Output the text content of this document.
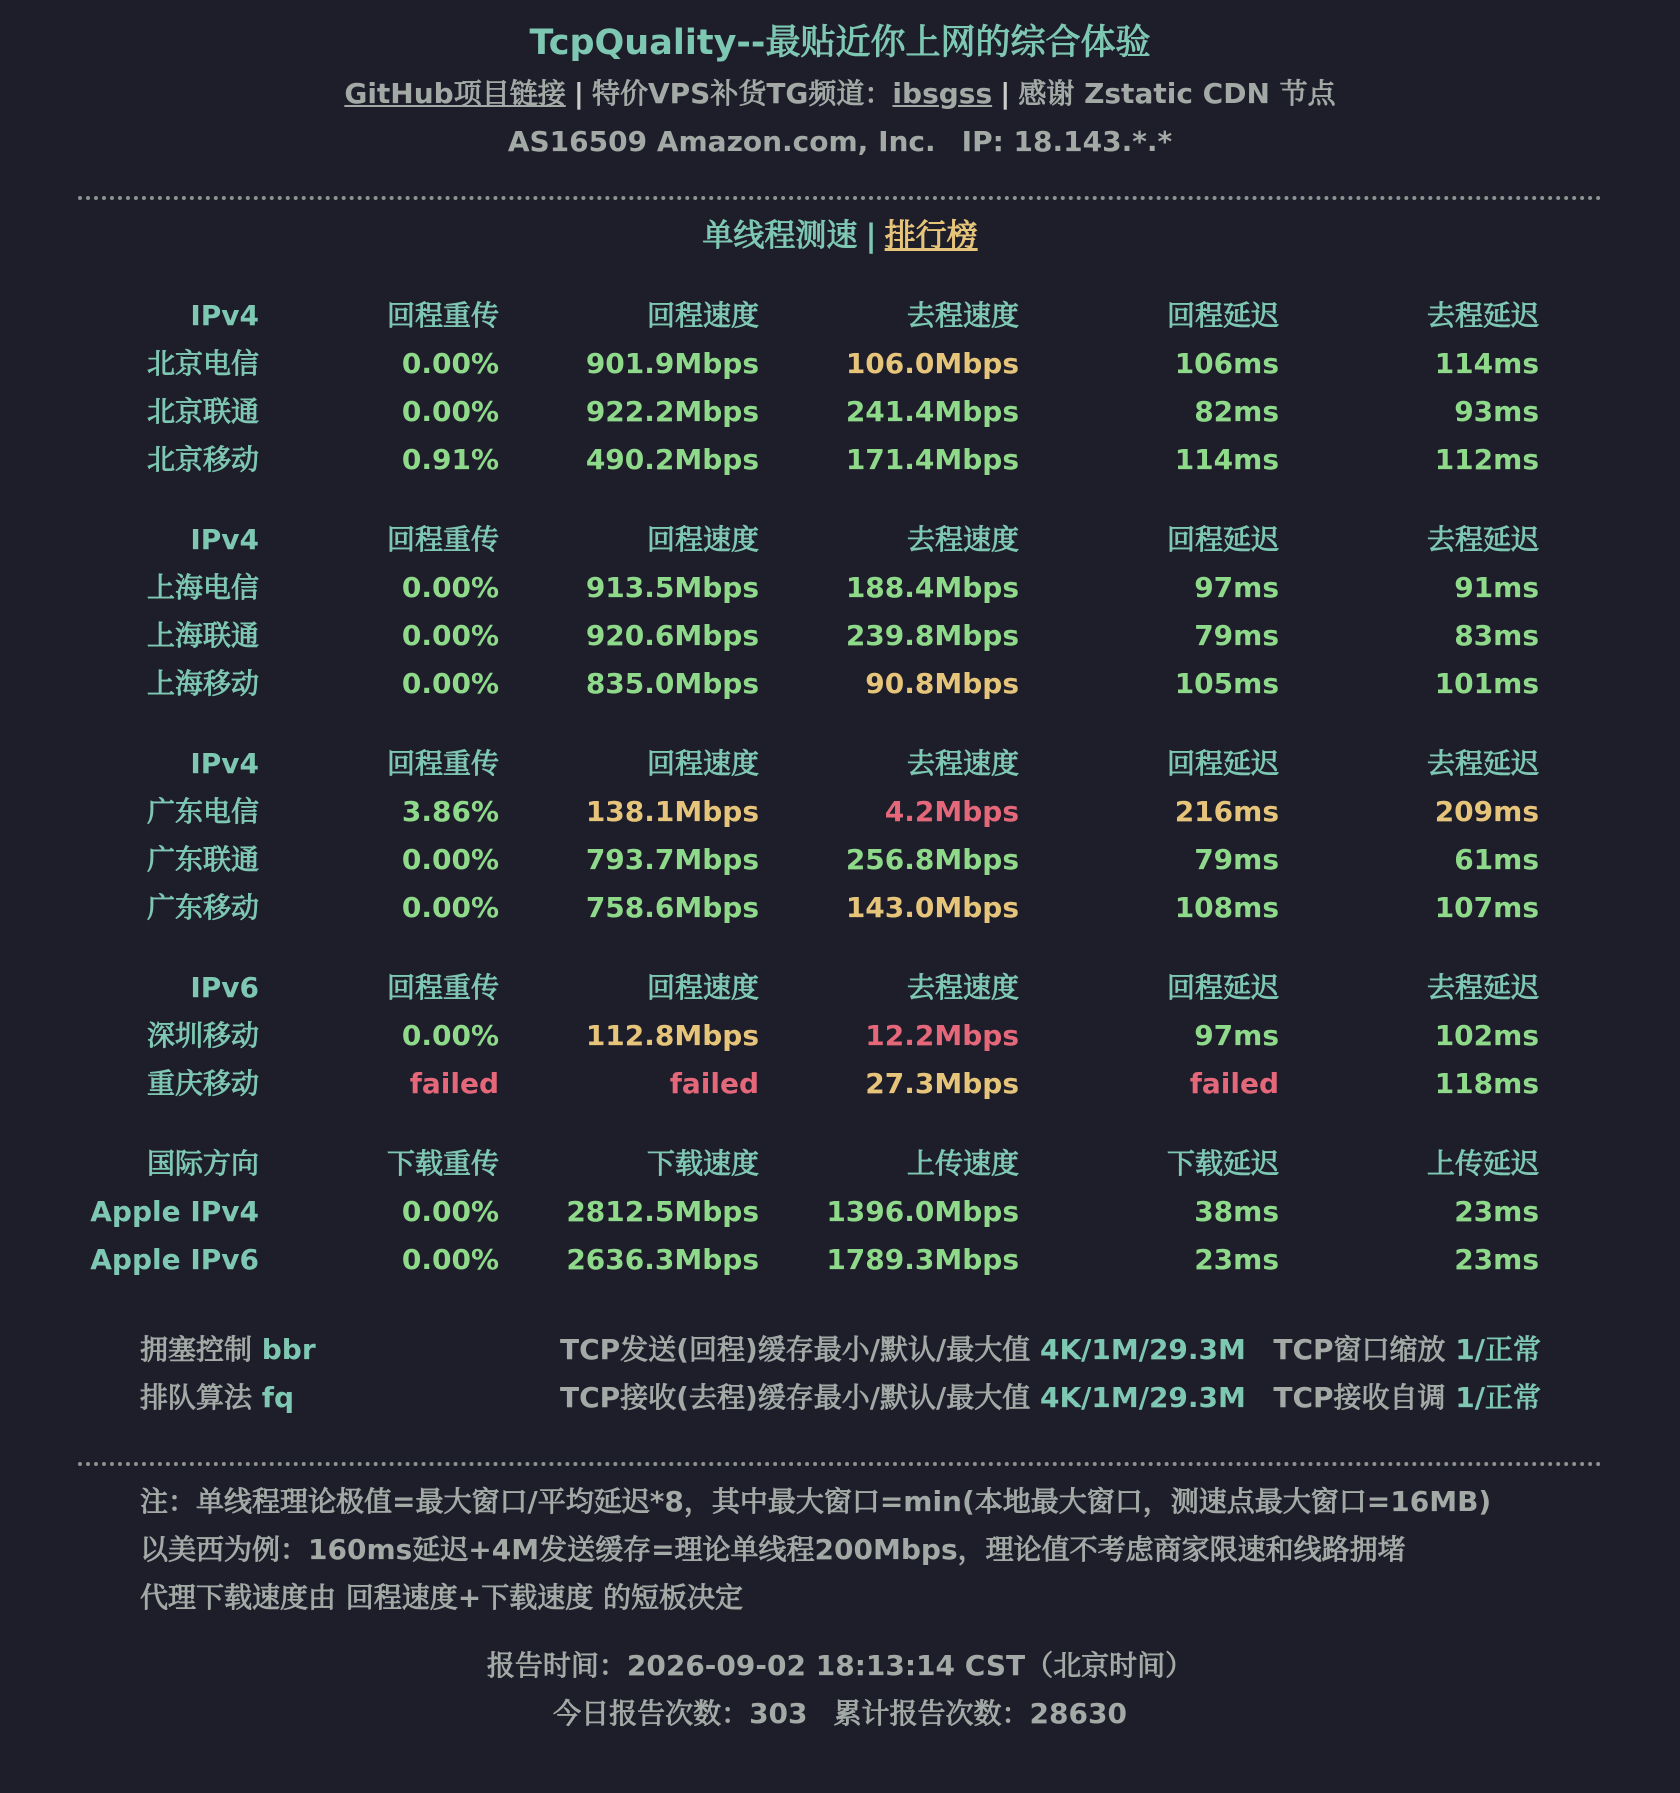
TcpQuality--最贴近你上网的综合体验
GitHub项目链接 | 特价VPS补货TG频道：ibsgss | 感谢 Zstatic CDN 节点
AS16509 Amazon.com, Inc. IP: 18.143.*.*
单线程测速 | 排行榜
IPv4	回程重传	回程速度	去程速度	回程延迟	去程延迟
北京电信	0.00%	901.9Mbps	106.0Mbps	106ms	114ms
北京联通	0.00%	922.2Mbps	241.4Mbps	82ms	93ms
北京移动	0.91%	490.2Mbps	171.4Mbps	114ms	112ms
IPv4	回程重传	回程速度	去程速度	回程延迟	去程延迟
上海电信	0.00%	913.5Mbps	188.4Mbps	97ms	91ms
上海联通	0.00%	920.6Mbps	239.8Mbps	79ms	83ms
上海移动	0.00%	835.0Mbps	90.8Mbps	105ms	101ms
IPv4	回程重传	回程速度	去程速度	回程延迟	去程延迟
广东电信	3.86%	138.1Mbps	4.2Mbps	216ms	209ms
广东联通	0.00%	793.7Mbps	256.8Mbps	79ms	61ms
广东移动	0.00%	758.6Mbps	143.0Mbps	108ms	107ms
IPv6	回程重传	回程速度	去程速度	回程延迟	去程延迟
深圳移动	0.00%	112.8Mbps	12.2Mbps	97ms	102ms
重庆移动	failed	failed	27.3Mbps	failed	118ms
国际方向	下载重传	下载速度	上传速度	下载延迟	上传延迟
Apple IPv4	0.00% 2812.5Mbps 1396.0Mbps	38ms	23ms
Apple IPv6	0.00% 2636.3Mbps 1789.3Mbps	23ms	23ms
拥塞控制 bbr	TCP发送(回程)缓存最小/默认/最大值 4K/1M/29.3M TCP窗口缩放 1/正常
排队算法 fq	TCP接收(去程)缓存最小/默认/最大值 4K/1M/29.3M TCP接收自调 1/正常
注：单线程理论极值=最大窗口/平均延迟*8，其中最大窗口=min(本地最大窗口，测速点最大窗口=16MB)
以美西为例：160ms延迟+4M发送缓存=理论单线程200Mbps，理论值不考虑商家限速和线路拥堵
代理下载速度由 回程速度+下载速度 的短板决定
报告时间：2026-09-02 18:13:14 CST（北京时间）
今日报告次数：303 累计报告次数：28630
